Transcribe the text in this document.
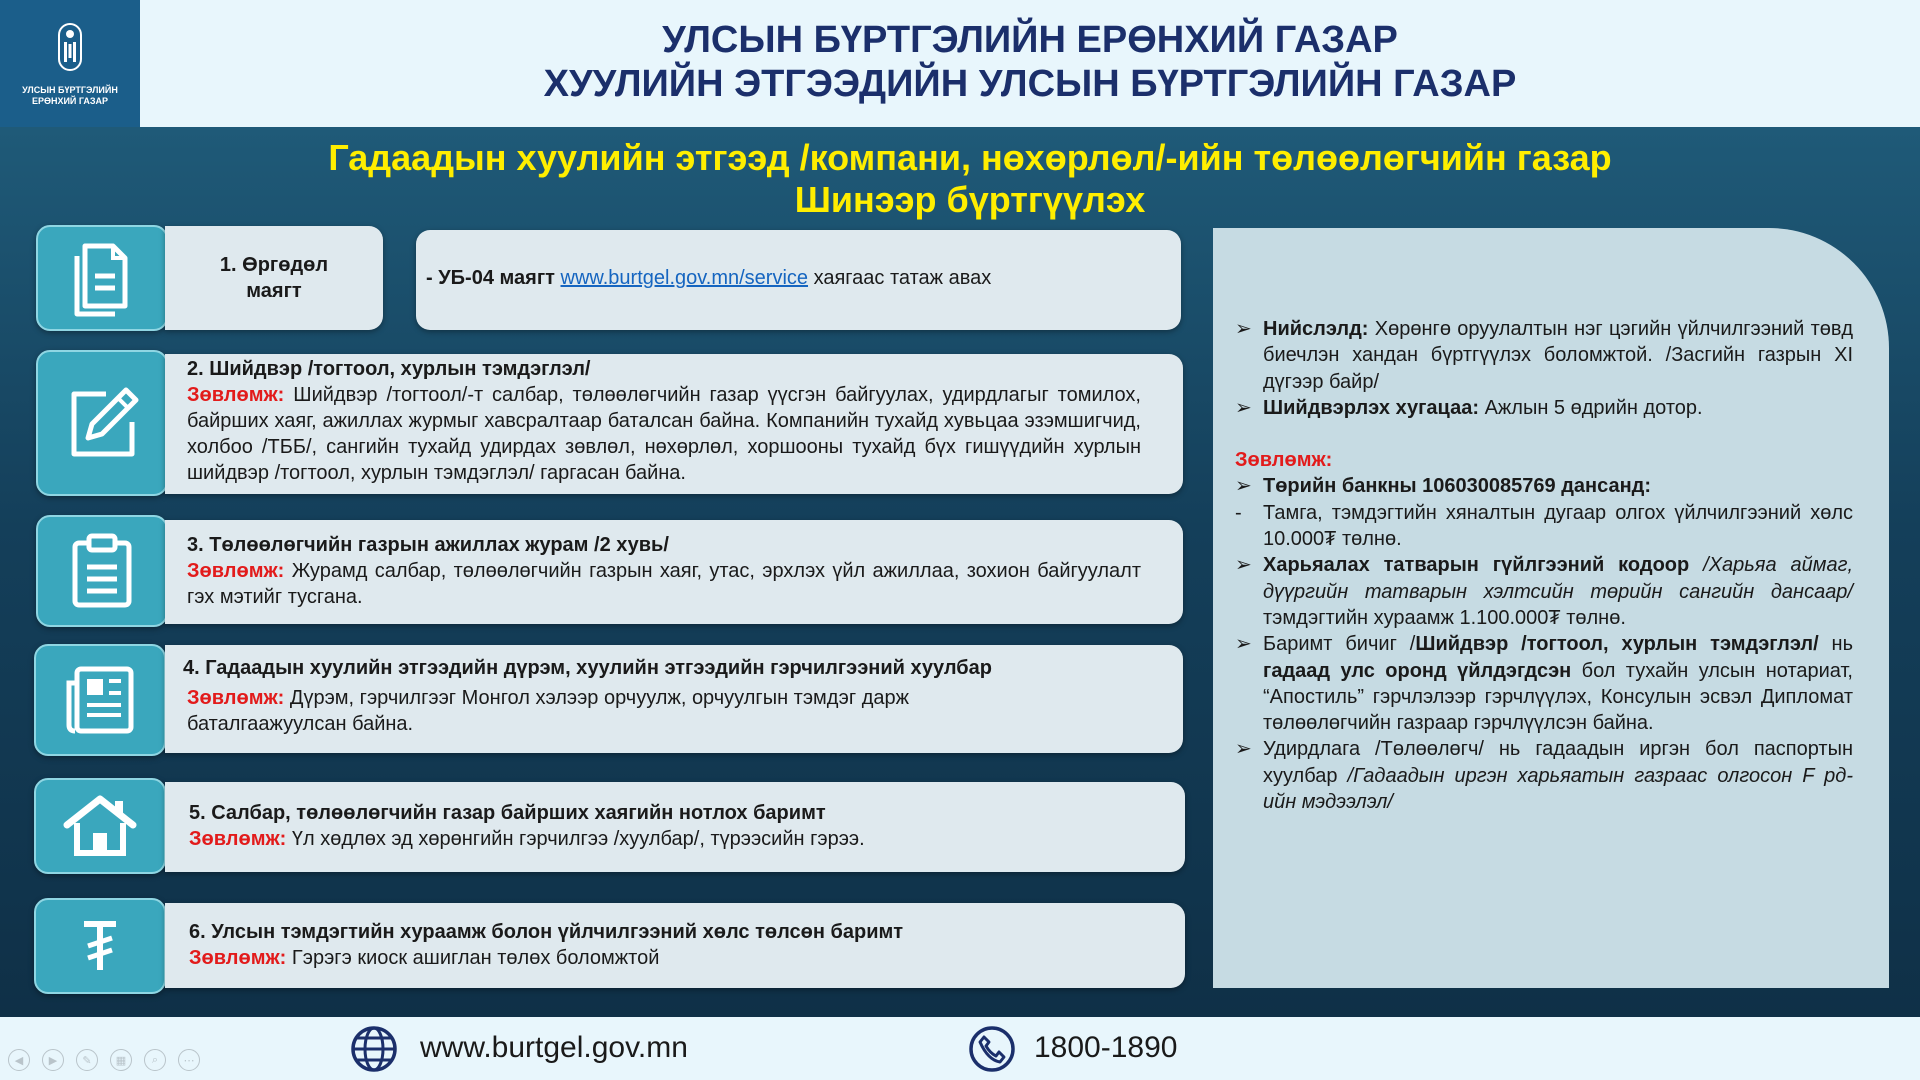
УЛСЫН БҮРТГЭЛИЙН
ЕРӨНХИЙ ГАЗАР
УЛСЫН БҮРТГЭЛИЙН ЕРӨНХИЙ ГАЗАР
ХУУЛИЙН ЭТГЭЭДИЙН УЛСЫН БҮРТГЭЛИЙН ГАЗАР
Гадаадын хуулийн этгээд /компани, нөхөрлөл/-ийн төлөөлөгчийн газар
Шинээр бүртгүүлэх
1. Өргөдөл маягт
- УБ-04 маягт www.burtgel.gov.mn/service хаягаас татаж авах
2. Шийдвэр /тогтоол, хурлын тэмдэглэл/
Зөвлөмж: Шийдвэр /тогтоол/-т салбар, төлөөлөгчийн газар үүсгэн байгуулах, удирдлагыг томилох, байрших хаяг, ажиллах журмыг хавсралтаар баталсан байна. Компанийн тухайд хувьцаа эзэмшигчид, холбоо /ТББ/, сангийн тухайд удирдах зөвлөл, нөхөрлөл, хоршооны тухайд бүх гишүүдийн хурлын шийдвэр /тогтоол, хурлын тэмдэглэл/ гаргасан байна.
3. Төлөөлөгчийн газрын ажиллах журам /2 хувь/
Зөвлөмж: Журамд салбар, төлөөлөгчийн газрын хаяг, утас, эрхлэх үйл ажиллаа, зохион байгуулалт гэх мэтийг тусгана.
4. Гадаадын хуулийн этгээдийн дүрэм, хуулийн этгээдийн гэрчилгээний хуулбар
Зөвлөмж: Дүрэм, гэрчилгээг Монгол хэлээр орчуулж, орчуулгын тэмдэг дарж баталгаажуулсан байна.
5. Салбар, төлөөлөгчийн газар байрших хаягийн нотлох баримт
Зөвлөмж: Үл хөдлөх эд хөрөнгийн гэрчилгээ /хуулбар/, түрээсийн гэрээ.
6. Улсын тэмдэгтийн хураамж болон үйлчилгээний хөлс төлсөн баримт
Зөвлөмж: Гэрэгэ киоск ашиглан төлөх боломжтой
➢ Нийслэлд: Хөрөнгө оруулалтын нэг цэгийн үйлчилгээний төвд биечлэн хандан бүртгүүлэх боломжтой. /Засгийн газрын XI дүгээр байр/
➢ Шийдвэрлэх хугацаа: Ажлын 5 өдрийн дотор.
Зөвлөмж:
➢ Төрийн банкны 106030085769 дансанд:
-	Тамга, тэмдэгтийн хяналтын дугаар олгох үйлчилгээний хөлс 10.000₮ төлнө.
➢ Харьяалах татварын гүйлгээний кодоор /Харьяа аймаг, дүүргийн татварын хэлтсийн төрийн сангийн дансаар/ тэмдэгтийн хураамж 1.100.000₮ төлнө.
➢ Баримт бичиг /Шийдвэр /тогтоол, хурлын тэмдэглэл/ нь гадаад улс оронд үйлдэгдсэн бол тухайн улсын нотариат, “Апостиль” гэрчлэлээр гэрчлүүлэх, Консулын эсвэл Дипломат төлөөлөгчийн газраар гэрчлүүлсэн байна.
➢ Удирдлага /Төлөөлөгч/ нь гадаадын иргэн бол паспортын хуулбар /Гадаадын иргэн харьяатын газраас олгосон F рд-ийн мэдээлэл/
◀	▶	✎	▦	⌕	⋯	www.burtgel.gov.mn	1800-1890
